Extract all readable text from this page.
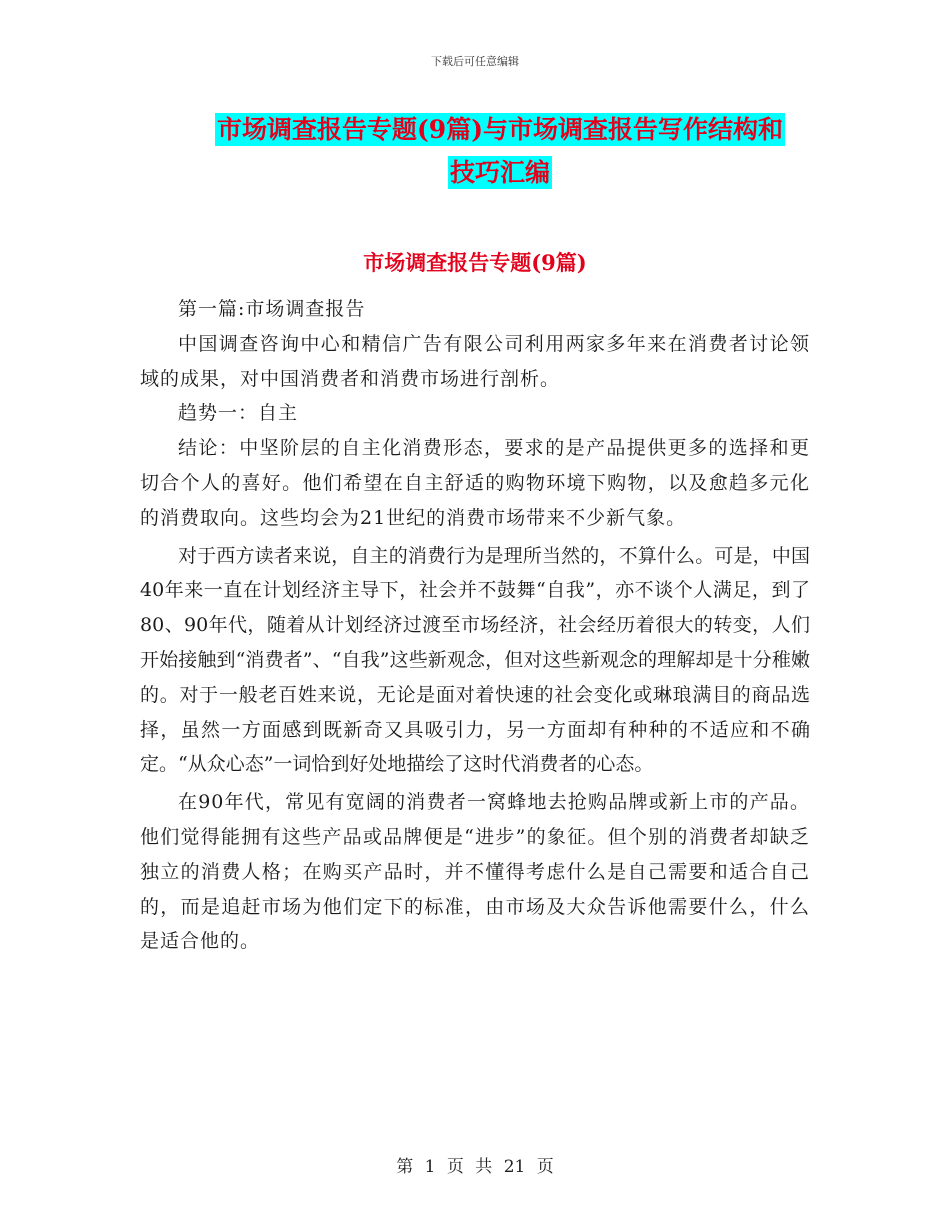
下载后可任意编辑
市场调查报告专题(9篇)与市场调查报告写作结构和
技巧汇编
市场调查报告专题(9篇)

第一篇:市场调查报告

中国调查咨询中心和精信广告有限公司利用两家多年来在消费者讨论领域的成果，对中国消费者和消费市场进行剖析。

趋势一：自主

结论：中坚阶层的自主化消费形态，要求的是产品提供更多的选择和更切合个人的喜好。他们希望在自主舒适的购物环境下购物，以及愈趋多元化的消费取向。这些均会为21世纪的消费市场带来不少新气象。

对于西方读者来说，自主的消费行为是理所当然的，不算什么。可是，中国40年来一直在计划经济主导下，社会并不鼓舞“自我”，亦不谈个人满足，到了80、90年代，随着从计划经济过渡至市场经济，社会经历着很大的转变，人们开始接触到“消费者”、“自我”这些新观念，但对这些新观念的理解却是十分稚嫩的。对于一般老百姓来说，无论是面对着快速的社会变化或琳琅满目的商品选择，虽然一方面感到既新奇又具吸引力，另一方面却有种种的不适应和不确定。“从众心态”一词恰到好处地描绘了这时代消费者的心态。

在90年代，常见有宽阔的消费者一窝蜂地去抢购品牌或新上市的产品。他们觉得能拥有这些产品或品牌便是“进步”的象征。但个别的消费者却缺乏独立的消费人格；在购买产品时，并不懂得考虑什么是自己需要和适合自己的，而是追赶市场为他们定下的标准，由市场及大众告诉他需要什么，什么是适合他的。

第 1 页 共 21 页
